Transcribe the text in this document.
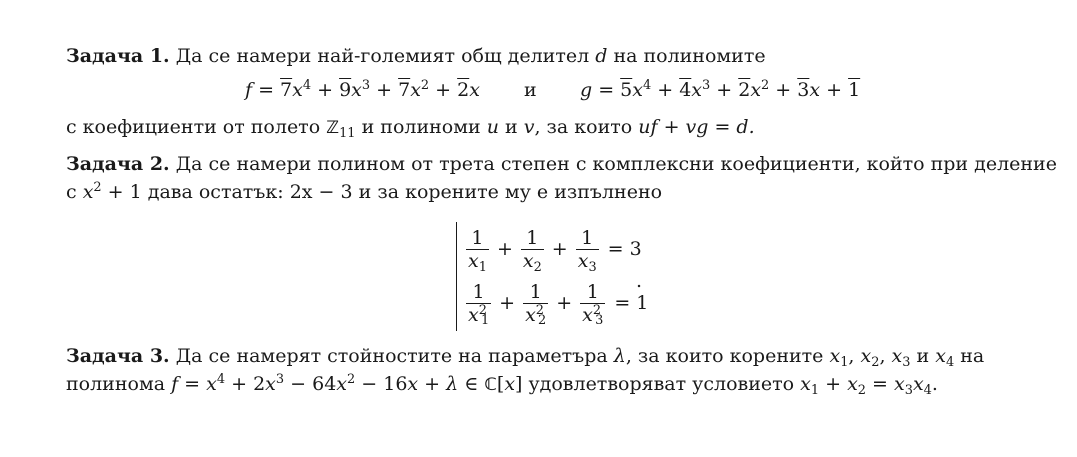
Задача 1. Да се намери най-големият общ делител d на полиномите
$f = 7x^4 + 9x^3 + 7x^2 + 2x$ и $g = 5x^4 + 4x^3 + 2x^2 + 3x + 1$
с коефициенти от полето ℤ$_{11}$ и полиноми u и v, за които uf + vg = d.
Задача 2. Да се намери полином от трета степен с комплексни коефициенти, който при деление
с $x^2 + 1$ дава остатък: 2x − 3 и за корените му е изпълнено
$\frac{1}{x_1} + \frac{1}{x_2} + \frac{1}{x_3} = 3$
$\frac{1}{x^2_1} + \frac{1}{x^2_2} + \frac{1}{x^2_3} = 1$
.
Задача 3. Да се намерят стойностите на параметъра λ, за които корените $x_1$, $x_2$, $x_3$ и $x_4$ на
полинома $f = x^4 + 2x^3 - 64x^2 - 16x + \lambda$ ∈ ℂ[x] удовлетворяват условието $x_1 + x_2 = x_3x_4$.
